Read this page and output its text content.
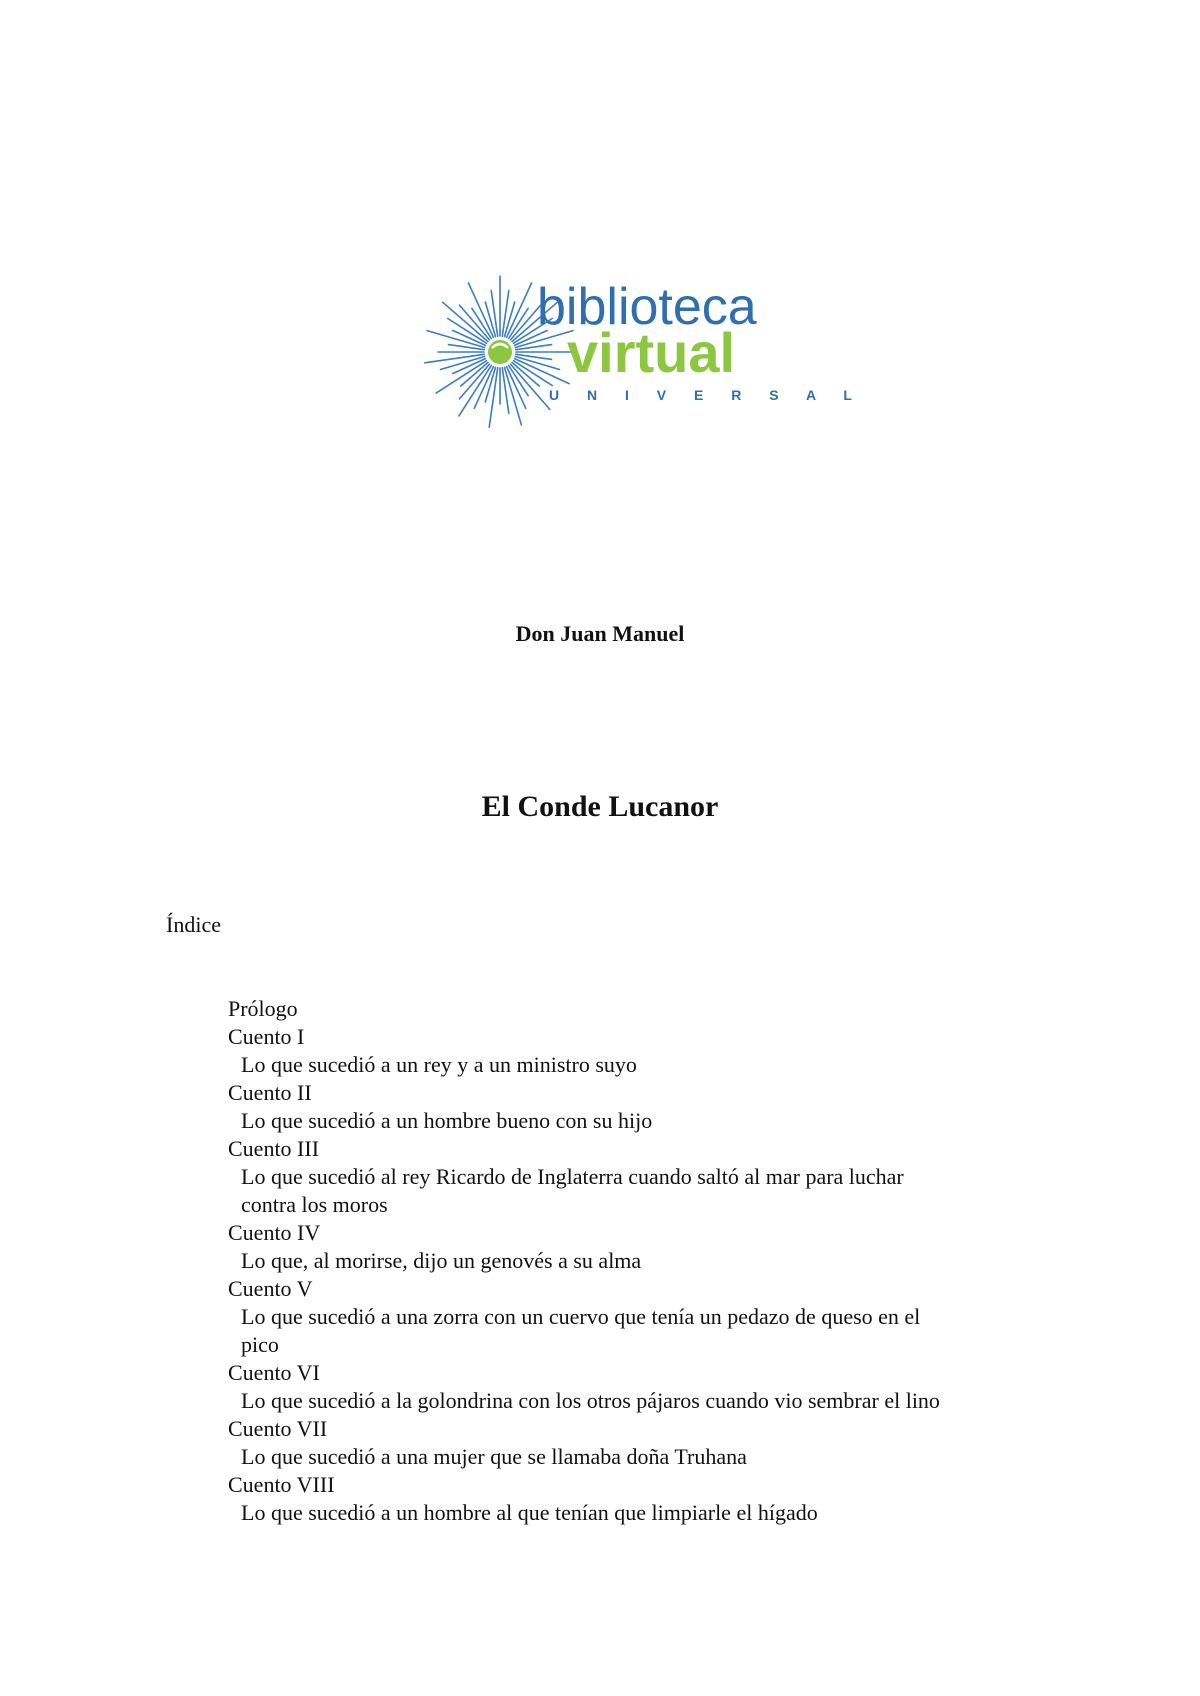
biblioteca
virtual
U N I V E R S A L
Don Juan Manuel
El Conde Lucanor
Índice
Prólogo
Cuento I
Lo que sucedió a un rey y a un ministro suyo
Cuento II
Lo que sucedió a un hombre bueno con su hijo
Cuento III
Lo que sucedió al rey Ricardo de Inglaterra cuando saltó al mar para luchar contra los moros
Cuento IV
Lo que, al morirse, dijo un genovés a su alma
Cuento V
Lo que sucedió a una zorra con un cuervo que tenía un pedazo de queso en el pico
Cuento VI
Lo que sucedió a la golondrina con los otros pájaros cuando vio sembrar el lino
Cuento VII
Lo que sucedió a una mujer que se llamaba doña Truhana
Cuento VIII
Lo que sucedió a un hombre al que tenían que limpiarle el hígado
